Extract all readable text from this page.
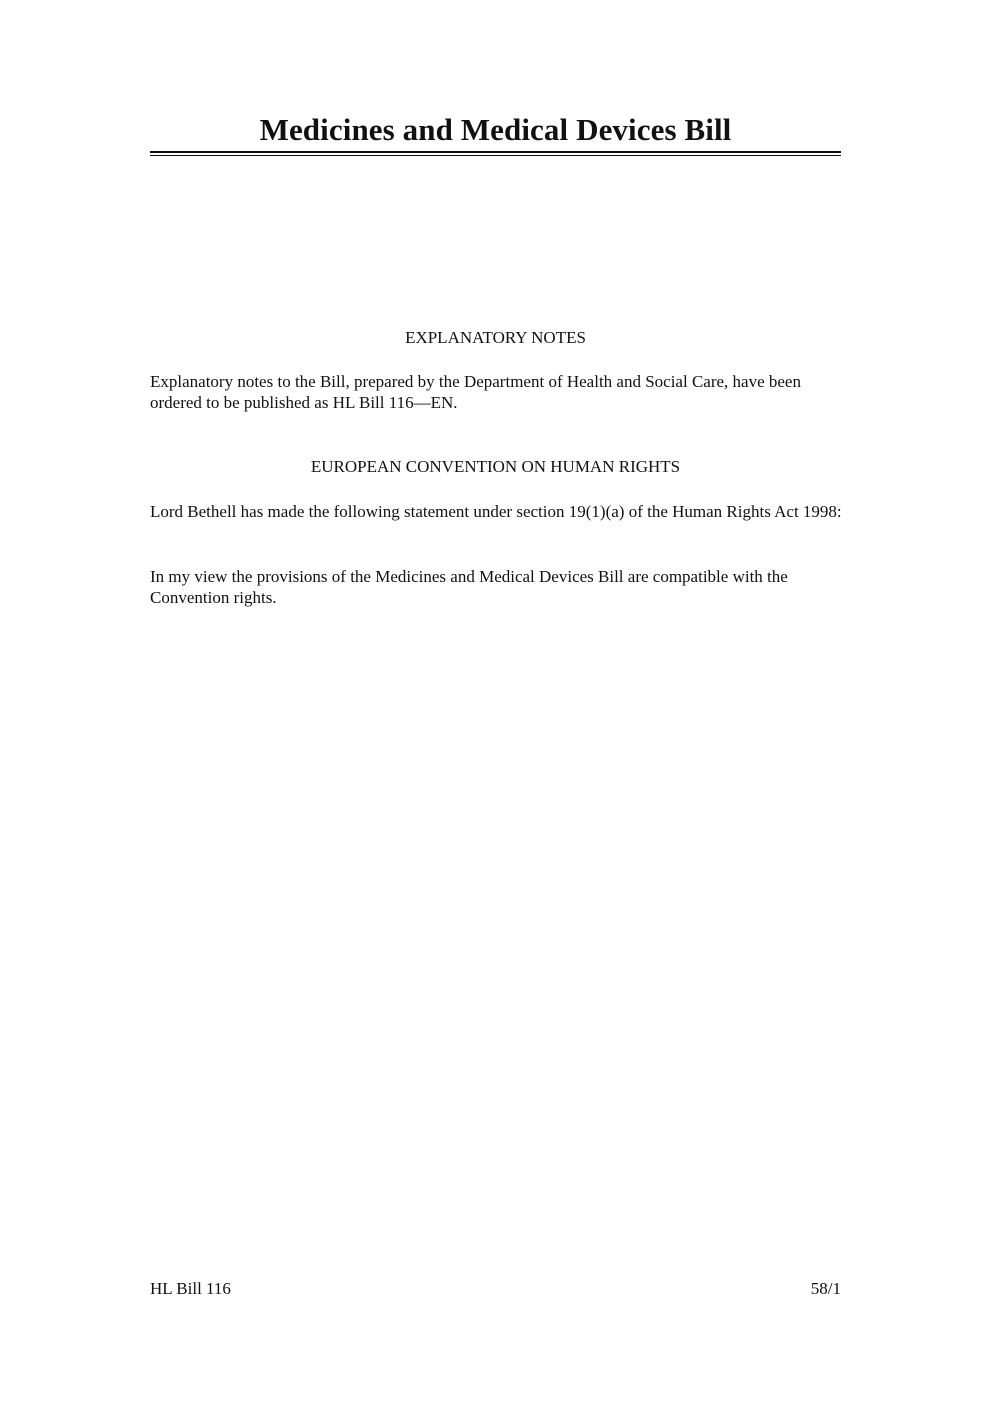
Medicines and Medical Devices Bill
EXPLANATORY NOTES

Explanatory notes to the Bill, prepared by the Department of Health and Social Care, have been ordered to be published as HL Bill 116—EN.

EUROPEAN CONVENTION ON HUMAN RIGHTS

Lord Bethell has made the following statement under section 19(1)(a) of the Human Rights Act 1998:

In my view the provisions of the Medicines and Medical Devices Bill are compatible with the Convention rights.

HL Bill 116	58/1
